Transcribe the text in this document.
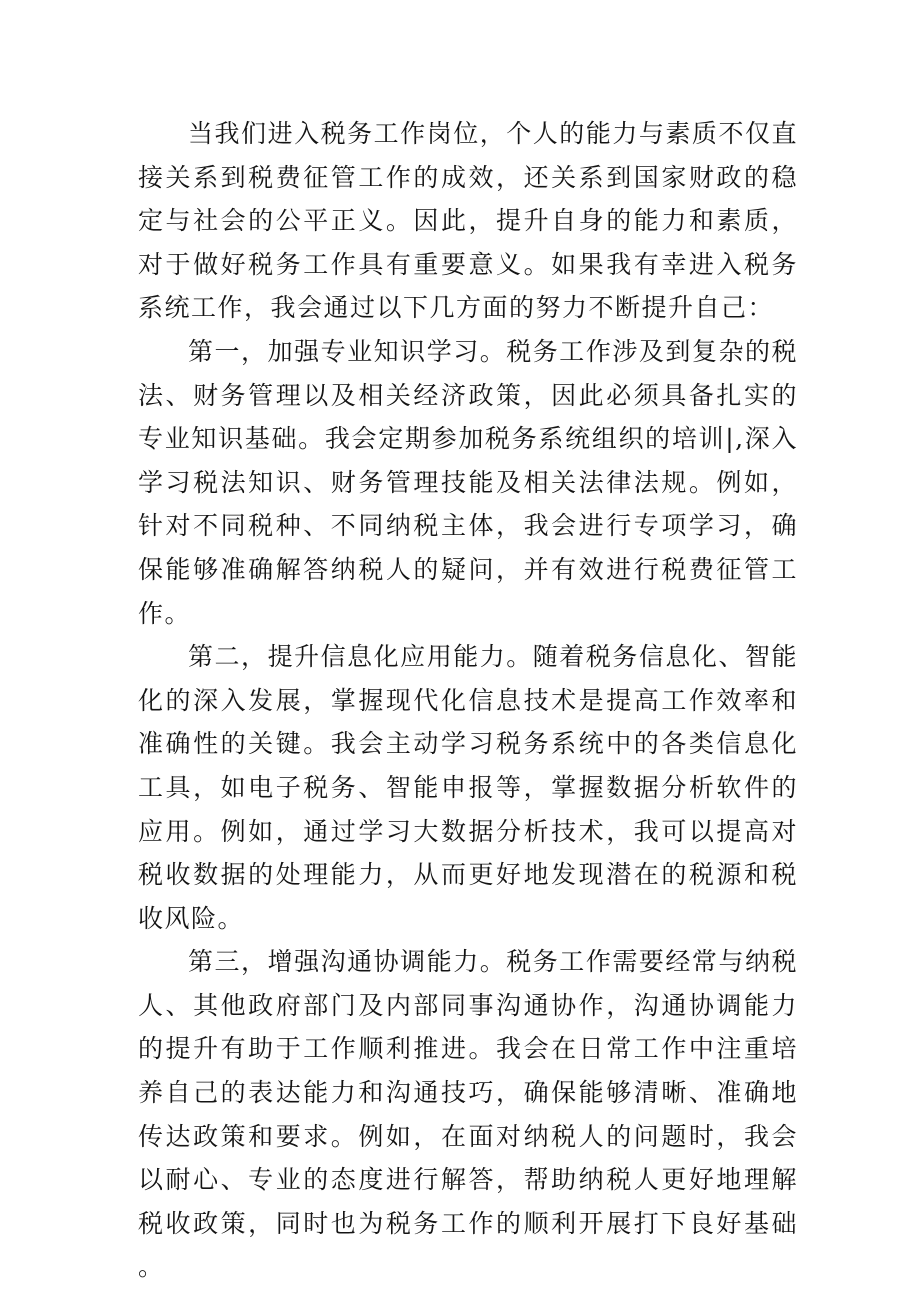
当我们进入税务工作岗位，个人的能力与素质不仅直接关系到税费征管工作的成效，还关系到国家财政的稳定与社会的公平正义。因此，提升自身的能力和素质，对于做好税务工作具有重要意义。如果我有幸进入税务系统工作，我会通过以下几方面的努力不断提升自己：

第一，加强专业知识学习。税务工作涉及到复杂的税法、财务管理以及相关经济政策，因此必须具备扎实的专业知识基础。我会定期参加税务系统组织的培训|,深入学习税法知识、财务管理技能及相关法律法规。例如，针对不同税种、不同纳税主体，我会进行专项学习，确保能够准确解答纳税人的疑问，并有效进行税费征管工作。

第二，提升信息化应用能力。随着税务信息化、智能化的深入发展，掌握现代化信息技术是提高工作效率和准确性的关键。我会主动学习税务系统中的各类信息化工具，如电子税务、智能申报等，掌握数据分析软件的应用。例如，通过学习大数据分析技术，我可以提高对税收数据的处理能力，从而更好地发现潜在的税源和税收风险。

第三，增强沟通协调能力。税务工作需要经常与纳税人、其他政府部门及内部同事沟通协作，沟通协调能力的提升有助于工作顺利推进。我会在日常工作中注重培养自己的表达能力和沟通技巧，确保能够清晰、准确地传达政策和要求。例如，在面对纳税人的问题时，我会以耐心、专业的态度进行解答，帮助纳税人更好地理解税收政策，同时也为税务工作的顺利开展打下良好基础。
